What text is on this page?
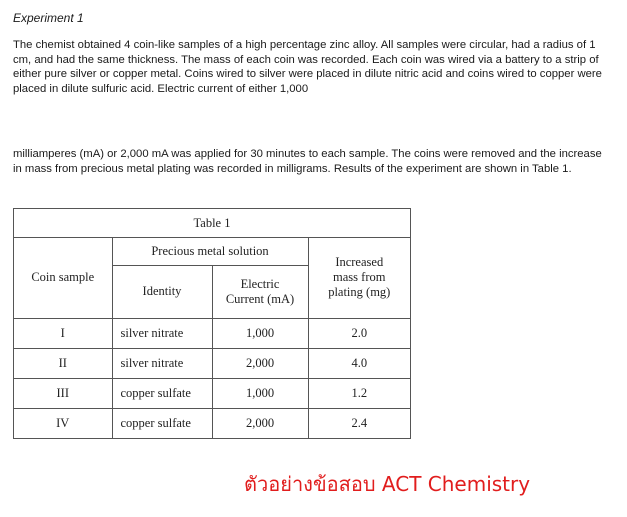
Experiment 1
The chemist obtained 4 coin-like samples of a high percentage zinc alloy. All samples were circular, had a radius of 1 cm, and had the same thickness. The mass of each coin was recorded. Each coin was wired via a battery to a strip of either pure silver or copper metal. Coins wired to silver were placed in dilute nitric acid and coins wired to copper were placed in dilute sulfuric acid. Electric current of either 1,000
milliamperes (mA) or 2,000 mA was applied for 30 minutes to each sample. The coins were removed and the increase in mass from precious metal plating was recorded in milligrams. Results of the experiment are shown in Table 1.
Table 1
Coin sample	Precious metal solution		Increased
mass from
plating (mg)

	Identity	Electric
Current (mA)	

I	silver nitrate	1,000	2.0
II	silver nitrate	2,000	4.0
III	copper sulfate	1,000	1.2
IV	copper sulfate	2,000	2.4
ตัวอย่างข้อสอบ ACT Chemistry
